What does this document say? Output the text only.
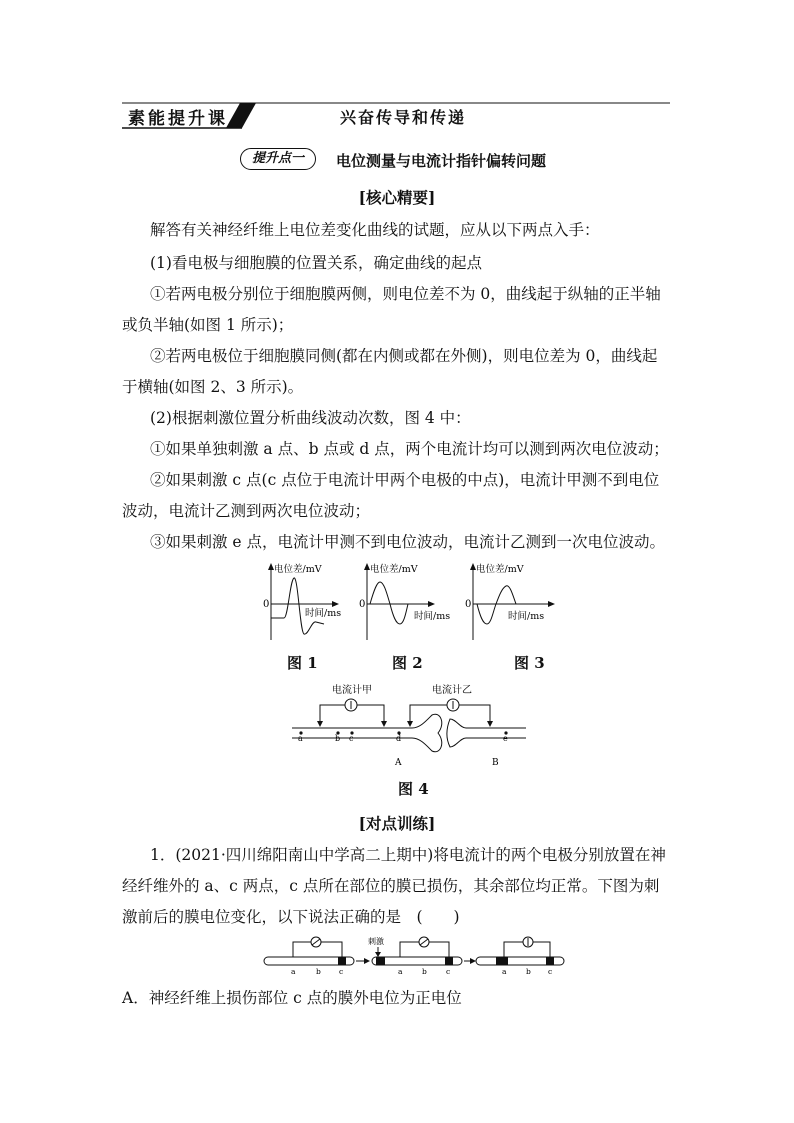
素能提升课	兴奋传导和传递
提升点一	电位测量与电流计指针偏转问题
[核心精要]
解答有关神经纤维上电位差变化曲线的试题，应从以下两点入手：
(1)看电极与细胞膜的位置关系，确定曲线的起点
①若两电极分别位于细胞膜两侧，则电位差不为 0，曲线起于纵轴的正半轴
或负半轴(如图 1 所示)；
②若两电极位于细胞膜同侧(都在内侧或都在外侧)，则电位差为 0，曲线起
于横轴(如图 2、3 所示)。
(2)根据刺激位置分析曲线波动次数，图 4 中：
①如果单独刺激 a 点、b 点或 d 点，两个电流计均可以测到两次电位波动；
②如果刺激 c 点(c 点位于电流计甲两个电极的中点)，电流计甲测不到电位
波动，电流计乙测到两次电位波动；
③如果刺激 e 点，电流计甲测不到电位波动，电流计乙测到一次电位波动。
电位差/mV
0
时间/ms
电位差/mV
0
时间/ms
电位差/mV
0
时间/ms
图 1	图 2	图 3
电流计甲	电流计乙
a	b c	d	e
A	B
图 4
[对点训练]
1．(2021·四川绵阳南山中学高二上期中)将电流计的两个电极分别放置在神
经纤维外的 a、c 两点，c 点所在部位的膜已损伤，其余部位均正常。下图为刺
激前后的膜电位变化，以下说法正确的是　(　　)
a	b c
刺激
a	b	c	a	b c
A．神经纤维上损伤部位 c 点的膜外电位为正电位
